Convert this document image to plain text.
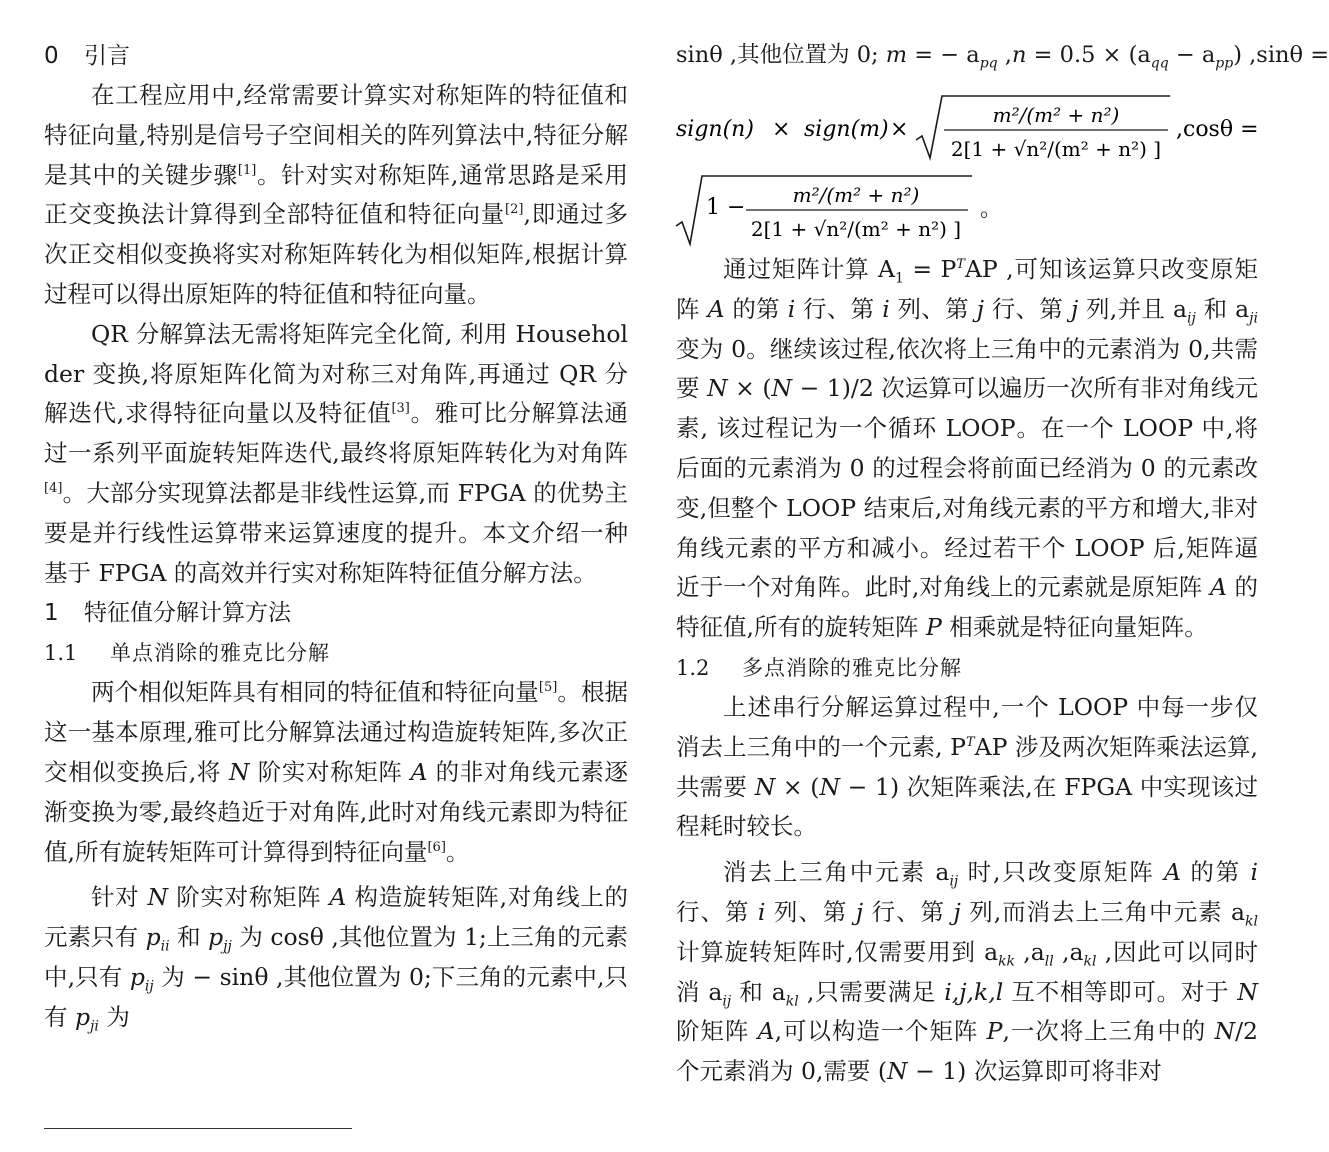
0 引言

在工程应用中,经常需要计算实对称矩阵的特征值和特征向量,特别是信号子空间相关的阵列算法中,特征分解是其中的关键步骤[1]。针对实对称矩阵,通常思路是采用正交变换法计算得到全部特征值和特征向量[2],即通过多次正交相似变换将实对称矩阵转化为相似矩阵,根据计算过程可以得出原矩阵的特征值和特征向量。

QR 分解算法无需将矩阵完全化简, 利用 Householder 变换,将原矩阵化简为对称三对角阵,再通过 QR 分解迭代,求得特征向量以及特征值[3]。雅可比分解算法通过一系列平面旋转矩阵迭代,最终将原矩阵转化为对角阵[4]。大部分实现算法都是非线性运算,而 FPGA 的优势主要是并行线性运算带来运算速度的提升。本文介绍一种基于 FPGA 的高效并行实对称矩阵特征值分解方法。

1 特征值分解计算方法
1.1 单点消除的雅克比分解

两个相似矩阵具有相同的特征值和特征向量[5]。根据这一基本原理,雅可比分解算法通过构造旋转矩阵,多次正交相似变换后,将 N 阶实对称矩阵 A 的非对角线元素逐渐变换为零,最终趋近于对角阵,此时对角线元素即为特征值,所有旋转矩阵可计算得到特征向量[6]。

针对 N 阶实对称矩阵 A 构造旋转矩阵,对角线上的元素只有 $p_{ii}$ 和 $p_{jj}$ 为 cosθ ,其他位置为 1;上三角的元素中,只有 $p_{ij}$ 为 − sinθ ,其他位置为 0;下三角的元素中,只有 $p_{ji}$ 为

sinθ ,其他位置为 0; m = − $a_{pq}$ $,n = 0.5 \times (a_{qq} - a_{pp}) ,\sin\theta$ =

sign(n) × sign(m) ×
m²/(m² + n²)
2[1 + √n²/(m² + n²) ]
,cosθ =
1 − m²/(m² + n²)
2[1 + √n²/(m² + n²) ]
。

通过矩阵计算 $A_1 = P^TAP$ ,可知该运算只改变原矩阵 A 的第 i 行、第 i 列、第 j 行、第 j 列,并且 $a_{ij}$ 和 $a_{ji}$ 变为 0。继续该过程,依次将上三角中的元素消为 0,共需要 N × (N − 1)/2 次运算可以遍历一次所有非对角线元素, 该过程记为一个循环 LOOP。在一个 LOOP 中,将后面的元素消为 0 的过程会将前面已经消为 0 的元素改变,但整个 LOOP 结束后,对角线元素的平方和增大,非对角线元素的平方和减小。经过若干个 LOOP 后,矩阵逼近于一个对角阵。此时,对角线上的元素就是原矩阵 A 的特征值,所有的旋转矩阵 P 相乘就是特征向量矩阵。

1.2 多点消除的雅克比分解

上述串行分解运算过程中,一个 LOOP 中每一步仅消去上三角中的一个元素, P$^T$AP 涉及两次矩阵乘法运算,共需要 N × (N − 1) 次矩阵乘法,在 FPGA 中实现该过程耗时较长。

消去上三角中元素 $a_{ij}$ 时,只改变原矩阵 A 的第 i 行、第 i 列、第 j 行、第 j 列,而消去上三角中元素 $a_{kl}$ 计算旋转矩阵时,仅需要用到 $a_{kk}$ $,a_{ll}$ $,a_{kl}$ ,因此可以同时消 $a_{ij}$ 和 $a_{kl}$ ,只需要满足 i,j,k,l 互不相等即可。对于 N 阶矩阵 A,可以构造一个矩阵 P,一次将上三角中的 N/2 个元素消为 0,需要 (N − 1) 次运算即可将非对
